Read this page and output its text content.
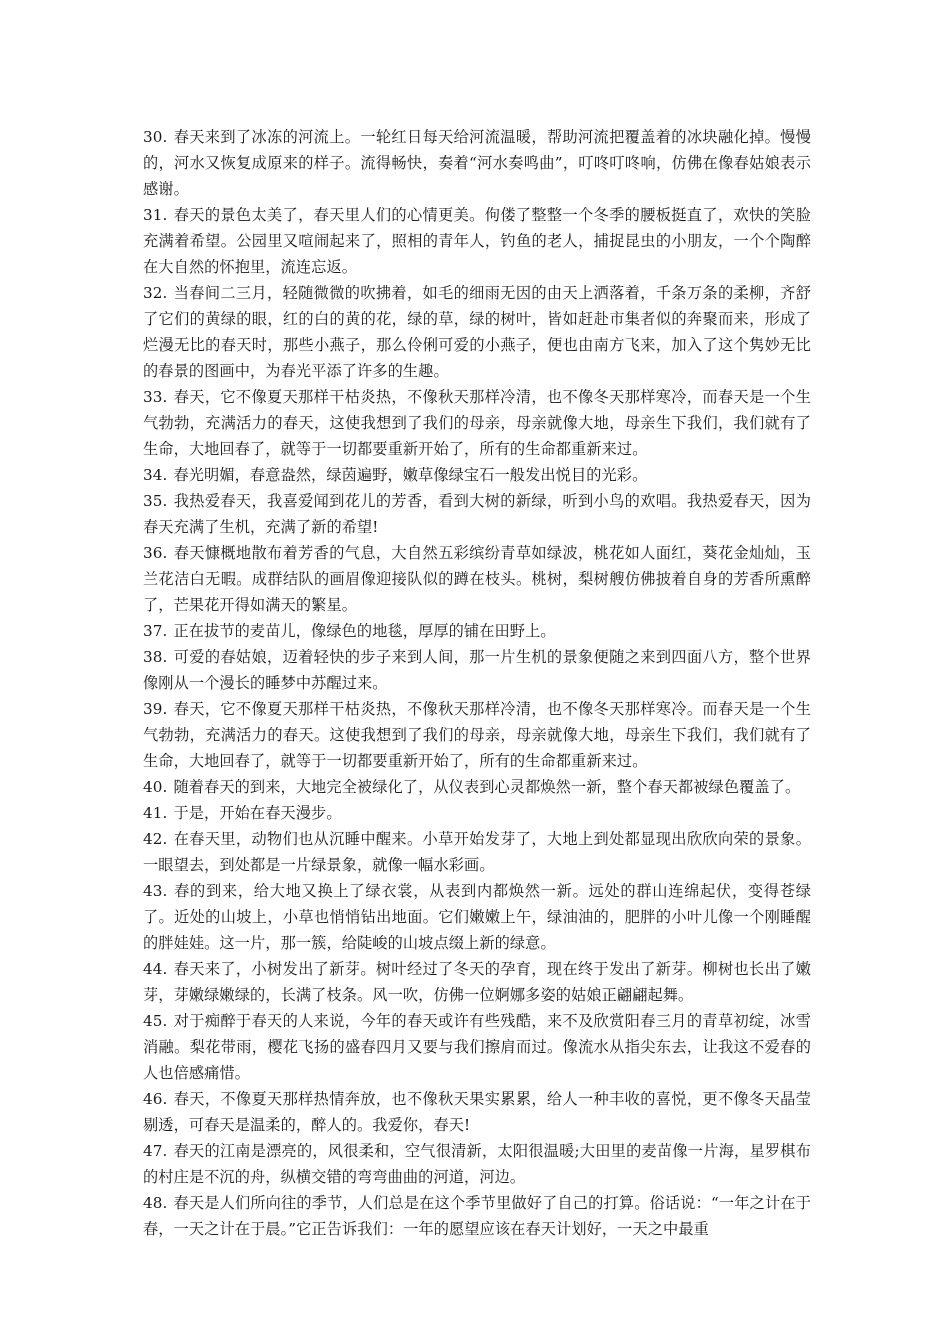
30. 春天来到了冰冻的河流上。一轮红日每天给河流温暖，帮助河流把覆盖着的冰块融化掉。慢慢的，河水又恢复成原来的样子。流得畅快，奏着“河水奏鸣曲”，叮咚叮咚响，仿佛在像春姑娘表示感谢。

31. 春天的景色太美了，春天里人们的心情更美。佝偻了整整一个冬季的腰板挺直了，欢快的笑脸充满着希望。公园里又喧闹起来了，照相的青年人，钓鱼的老人，捕捉昆虫的小朋友，一个个陶醉在大自然的怀抱里，流连忘返。

32. 当春间二三月，轻随微微的吹拂着，如毛的细雨无因的由天上洒落着，千条万条的柔柳，齐舒了它们的黄绿的眼，红的白的黄的花，绿的草，绿的树叶，皆如赶赴市集者似的奔聚而来，形成了烂漫无比的春天时，那些小燕子，那么伶俐可爱的小燕子，便也由南方飞来，加入了这个隽妙无比的春景的图画中，为春光平添了许多的生趣。

33. 春天，它不像夏天那样干枯炎热，不像秋天那样冷清，也不像冬天那样寒冷，而春天是一个生气勃勃，充满活力的春天，这使我想到了我们的母亲，母亲就像大地，母亲生下我们，我们就有了生命，大地回春了，就等于一切都要重新开始了，所有的生命都重新来过。

34. 春光明媚，春意盎然，绿茵遍野，嫩草像绿宝石一般发出悦目的光彩。

35. 我热爱春天，我喜爱闻到花儿的芳香，看到大树的新绿，听到小鸟的欢唱。我热爱春天，因为春天充满了生机，充满了新的希望!

36. 春天慷概地散布着芳香的气息，大自然五彩缤纷青草如绿波，桃花如人面红，葵花金灿灿，玉兰花洁白无暇。成群结队的画眉像迎接队似的蹲在枝头。桃树，梨树艘仿佛披着自身的芳香所熏醉了，芒果花开得如满天的繁星。

37. 正在拔节的麦苗儿，像绿色的地毯，厚厚的铺在田野上。

38. 可爱的春姑娘，迈着轻快的步子来到人间，那一片生机的景象便随之来到四面八方，整个世界像刚从一个漫长的睡梦中苏醒过来。

39. 春天，它不像夏天那样干枯炎热，不像秋天那样冷清，也不像冬天那样寒冷。而春天是一个生气勃勃，充满活力的春天。这使我想到了我们的母亲，母亲就像大地，母亲生下我们，我们就有了生命，大地回春了，就等于一切都要重新开始了，所有的生命都重新来过。

40. 随着春天的到来，大地完全被绿化了，从仪表到心灵都焕然一新，整个春天都被绿色覆盖了。

41. 于是，开始在春天漫步。

42. 在春天里，动物们也从沉睡中醒来。小草开始发芽了，大地上到处都显现出欣欣向荣的景象。一眼望去，到处都是一片绿景象，就像一幅水彩画。

43. 春的到来，给大地又换上了绿衣裳，从表到内都焕然一新。远处的群山连绵起伏，变得苍绿了。近处的山坡上，小草也悄悄钻出地面。它们嫩嫩上午，绿油油的，肥胖的小叶儿像一个刚睡醒的胖娃娃。这一片，那一簇，给陡峻的山坡点缀上新的绿意。

44. 春天来了，小树发出了新芽。树叶经过了冬天的孕育，现在终于发出了新芽。柳树也长出了嫩芽，芽嫩绿嫩绿的，长满了枝条。风一吹，仿佛一位婀娜多姿的姑娘正翩翩起舞。

45. 对于痴醉于春天的人来说，今年的春天或许有些残酷，来不及欣赏阳春三月的青草初绽，冰雪消融。梨花带雨，樱花飞扬的盛春四月又要与我们擦肩而过。像流水从指尖东去，让我这不爱春的人也倍感痛惜。

46. 春天，不像夏天那样热情奔放，也不像秋天果实累累，给人一种丰收的喜悦，更不像冬天晶莹剔透，可春天是温柔的，醉人的。我爱你，春天!

47. 春天的江南是漂亮的，风很柔和，空气很清新，太阳很温暖;大田里的麦苗像一片海，星罗棋布的村庄是不沉的舟，纵横交错的弯弯曲曲的河道，河边。

48. 春天是人们所向往的季节，人们总是在这个季节里做好了自己的打算。俗话说：“一年之计在于春，一天之计在于晨。”它正告诉我们：一年的愿望应该在春天计划好，一天之中最重
